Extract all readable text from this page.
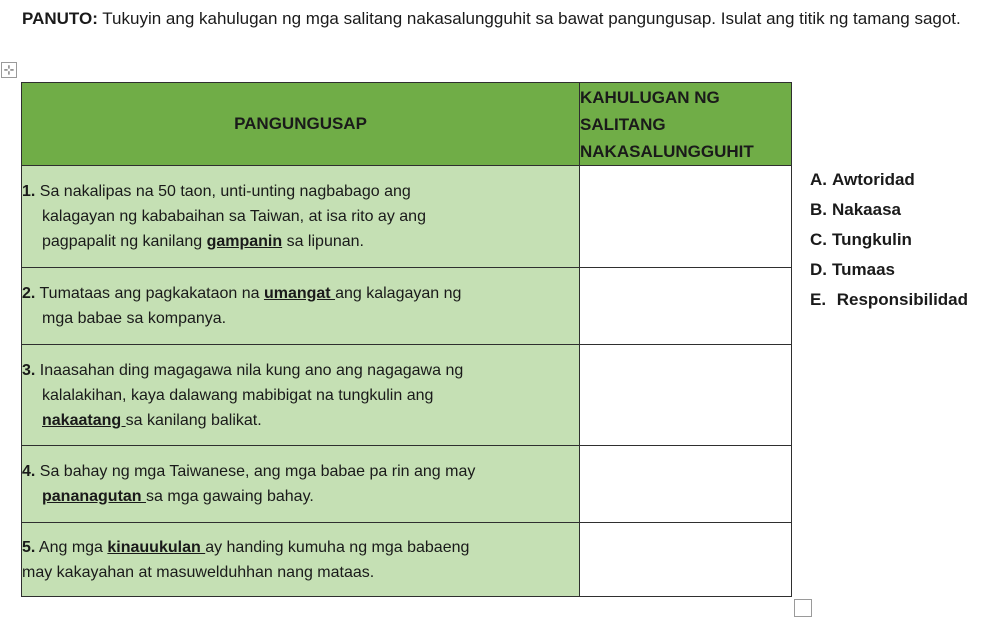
PANUTO: Tukuyin ang kahulugan ng mga salitang nakasalungguhit sa bawat pangungusap. Isulat ang titik ng tamang sagot.
⊹
PANGUNGUSAP	KAHULUGAN NG
SALITANG
NAKASALUNGGUHIT

1. Sa nakalipas na 50 taon, unti-unting nagbabago ang
kalagayan ng kababaihan sa Taiwan, at isa rito ay ang
pagpapalit ng kanilang gampanin sa lipunan.	

2. Tumataas ang pagkakataon na umangat ang kalagayan ng
mga babae sa kompanya.	

3. Inaasahan ding magagawa nila kung ano ang nagagawa ng
kalalakihan, kaya dalawang mabibigat na tungkulin ang
nakaatang sa kanilang balikat.	

4. Sa bahay ng mga Taiwanese, ang mga babae pa rin ang may
pananagutan sa mga gawaing bahay.	

5. Ang mga kinauukulan ay handing kumuha ng mga babaeng
may kakayahan at masuwelduhhan nang mataas.	

A. Awtoridad
B. Nakaasa
C. Tungkulin
D. Tumaas
E. Responsibilidad
